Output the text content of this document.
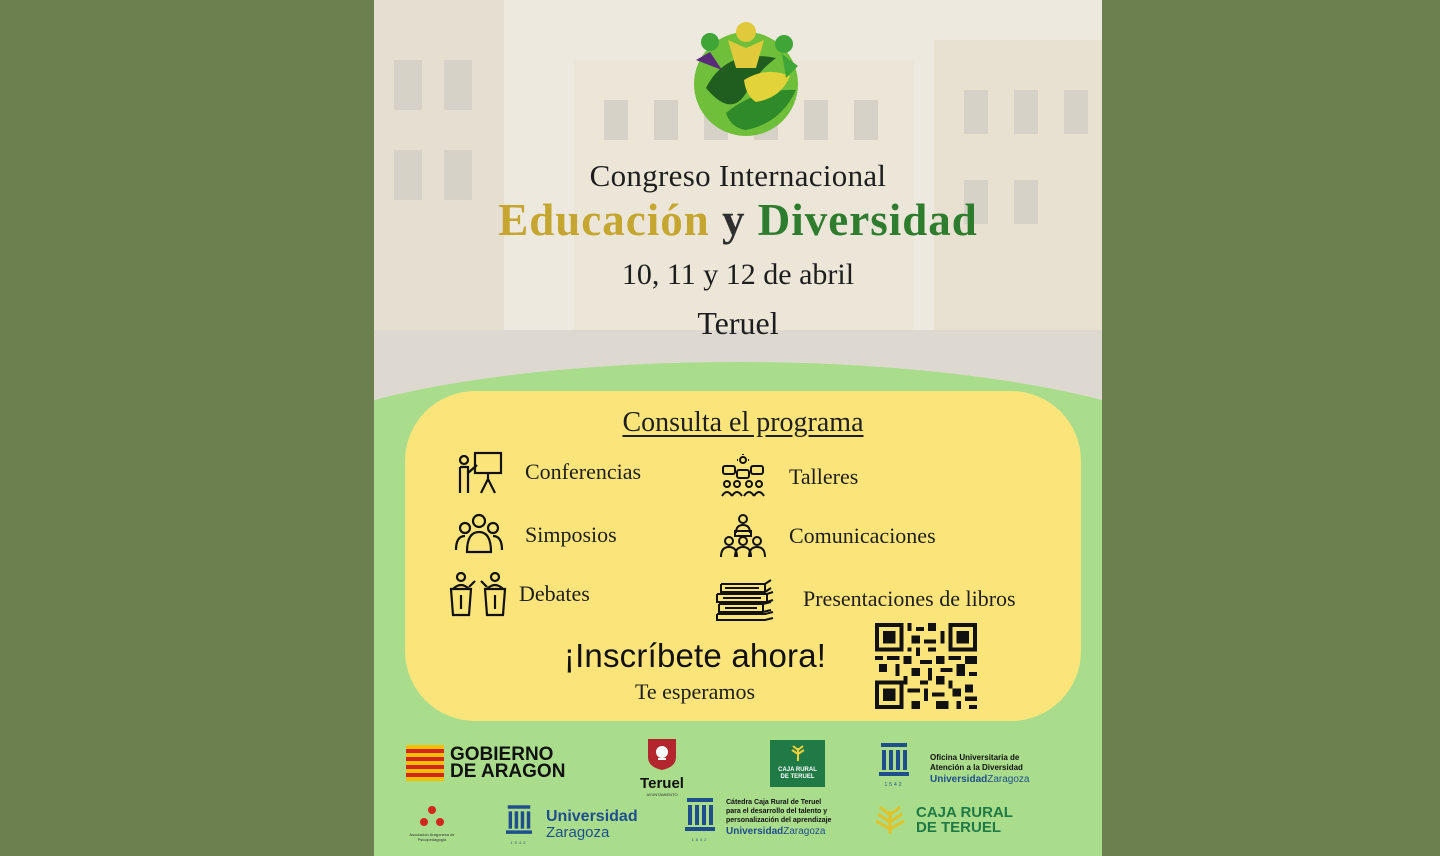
Congreso Internacional
Educación y Diversidad
10, 11 y 12 de abril
Teruel
Consulta el programa
Conferencias	Talleres
Simposios	Comunicaciones
Debates	Presentaciones de libros
¡Inscríbete ahora!
Te esperamos
GOBIERNO
DE ARAGON
Teruel
AYUNTAMIENTO
CAJA RURAL
DE TERUEL
1542
Oficina Universitaria de
Atención a la Diversidad
UniversidadZaragoza
Asociación Aragonesa de
Psicopedagogía
1542
Universidad
Zaragoza	1542
Cátedra Caja Rural de Teruel
para el desarrollo del talento y
personalización del aprendizaje
UniversidadZaragoza
CAJA RURAL
DE TERUEL
